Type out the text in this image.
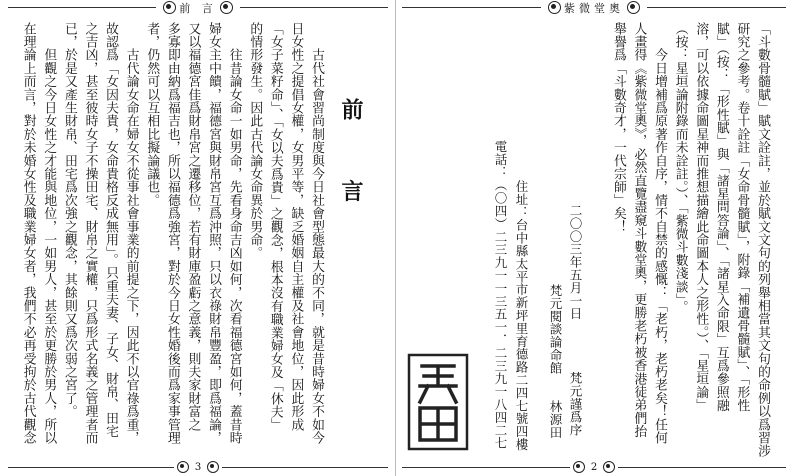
前 言
前 言
　　古代社會習尚制度與今日社會型態最大的不同，就是昔時婦女不如今
日女性之提倡女權，女男平等，缺乏婚姻自主權及社會地位，因此形成
「女子菜籽命」、「女以夫爲貴」之觀念，根本沒有職業婦女及「休夫」
的情形發生。因此古代論女命異於男命。
　　往昔論女命一如男命，先看身命吉凶如何，次看福德宮如何，蓋昔時
婦女主中饋，福德宮與財帛宮互爲沖照，只以衣祿財帛豐盈，即爲福論，
又以福德宮佳爲財帛宮之遷移位，若有財庫盈虧之意義，則夫家財富之
多寡即由納爲福吉也，所以福德爲強宮，對於今日女性婚後而爲家事管理
者，仍然可以互相比擬論議也。
　　古代論女命在婦女不從事社會事業的前提之下，因此不以官祿爲重，
故認爲「女因夫貴，女命貴格反成無用」。只重夫妻、子女、財帛、田宅
之吉凶，甚至彼時女子不操田宅、財帛之實權，只爲形式名義之管理者而
已，於是又產生財帛、田宅爲次強之觀念，其餘則又爲次弱之宮了。
　　但觀之今日女性之才能與地位，一如男人，甚至於更勝於男人，所以
在理論上而言，對於未婚女性及職業婦女者，我們不必再受拘於古代觀念
3
紫微堂奧
「斗數骨髓賦」賦文詮註，並於賦文文句的列舉相當其文句的命例以爲習涉
研究之參考。卷十詮註「女命骨髓賦」，附錄「補遺骨髓賦」、「形性
賦」（按：「形性賦」與「諸星問答論」、「諸星入命限」互爲參照融
溶，可以依據命圖星神而推想描繪此命圖本人之形性。）、「星垣論」
（按：星垣論附錄而未詮註。）、「紫微斗數淺談」。
　　今日增補爲原著作自序，情不自禁的感慨：「老朽，老朽老矣！任何
人畫得《紫微堂奧》，必然直覽盡窺斗數堂奧，更勝老朽被香港徒弟們抬
舉譽爲「斗數奇才，一代宗師」矣！
二〇〇三年五月一日　　　　梵元謹爲序
梵元閱談論命館　　林源田
住址：台中縣太平市新坪里育德路二四七號四樓
電話：（〇四）二三九一一三五一．二三九一八四二七
2
